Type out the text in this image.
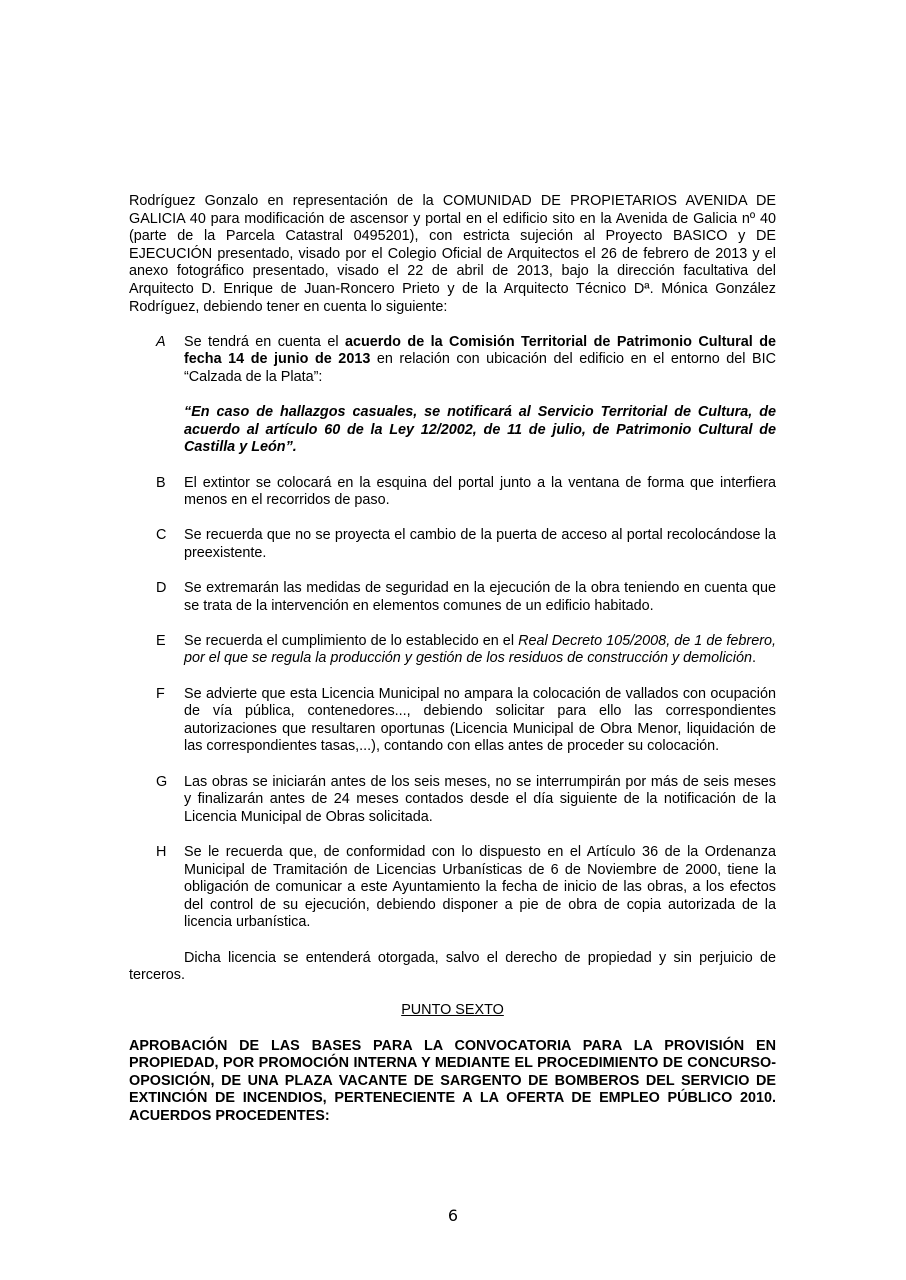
Rodríguez Gonzalo en representación de la COMUNIDAD DE PROPIETARIOS AVENIDA DE GALICIA 40 para modificación de ascensor y portal en el edificio sito en la Avenida de Galicia nº 40 (parte de la Parcela Catastral 0495201), con estricta sujeción al Proyecto BASICO y DE EJECUCIÓN presentado, visado por el Colegio Oficial de Arquitectos el 26 de febrero de 2013 y el anexo fotográfico presentado, visado el 22 de abril de 2013, bajo la dirección facultativa del Arquitecto D. Enrique de Juan-Roncero Prieto y de la Arquitecto Técnico Dª. Mónica González Rodríguez, debiendo tener en cuenta lo siguiente:

A Se tendrá en cuenta el acuerdo de la Comisión Territorial de Patrimonio Cultural de fecha 14 de junio de 2013 en relación con ubicación del edificio en el entorno del BIC “Calzada de la Plata”:

“En caso de hallazgos casuales, se notificará al Servicio Territorial de Cultura, de acuerdo al artículo 60 de la Ley 12/2002, de 11 de julio, de Patrimonio Cultural de Castilla y León”.

B El extintor se colocará en la esquina del portal junto a la ventana de forma que interfiera menos en el recorridos de paso.

C Se recuerda que no se proyecta el cambio de la puerta de acceso al portal recolocándose la preexistente.

D Se extremarán las medidas de seguridad en la ejecución de la obra teniendo en cuenta que se trata de la intervención en elementos comunes de un edificio habitado.

E Se recuerda el cumplimiento de lo establecido en el Real Decreto 105/2008, de 1 de febrero, por el que se regula la producción y gestión de los residuos de construcción y demolición.

F Se advierte que esta Licencia Municipal no ampara la colocación de vallados con ocupación de vía pública, contenedores..., debiendo solicitar para ello las correspondientes autorizaciones que resultaren oportunas (Licencia Municipal de Obra Menor, liquidación de las correspondientes tasas,...), contando con ellas antes de proceder su colocación.

G Las obras se iniciarán antes de los seis meses, no se interrumpirán por más de seis meses y finalizarán antes de 24 meses contados desde el día siguiente de la notificación de la Licencia Municipal de Obras solicitada.

H Se le recuerda que, de conformidad con lo dispuesto en el Artículo 36 de la Ordenanza Municipal de Tramitación de Licencias Urbanísticas de 6 de Noviembre de 2000, tiene la obligación de comunicar a este Ayuntamiento la fecha de inicio de las obras, a los efectos del control de su ejecución, debiendo disponer a pie de obra de copia autorizada de la licencia urbanística.

Dicha licencia se entenderá otorgada, salvo el derecho de propiedad y sin perjuicio de terceros.

PUNTO SEXTO

APROBACIÓN DE LAS BASES PARA LA CONVOCATORIA PARA LA PROVISIÓN EN PROPIEDAD, POR PROMOCIÓN INTERNA Y MEDIANTE EL PROCEDIMIENTO DE CONCURSO-OPOSICIÓN, DE UNA PLAZA VACANTE DE SARGENTO DE BOMBEROS DEL SERVICIO DE EXTINCIÓN DE INCENDIOS, PERTENECIENTE A LA OFERTA DE EMPLEO PÚBLICO 2010. ACUERDOS PROCEDENTES:

6
